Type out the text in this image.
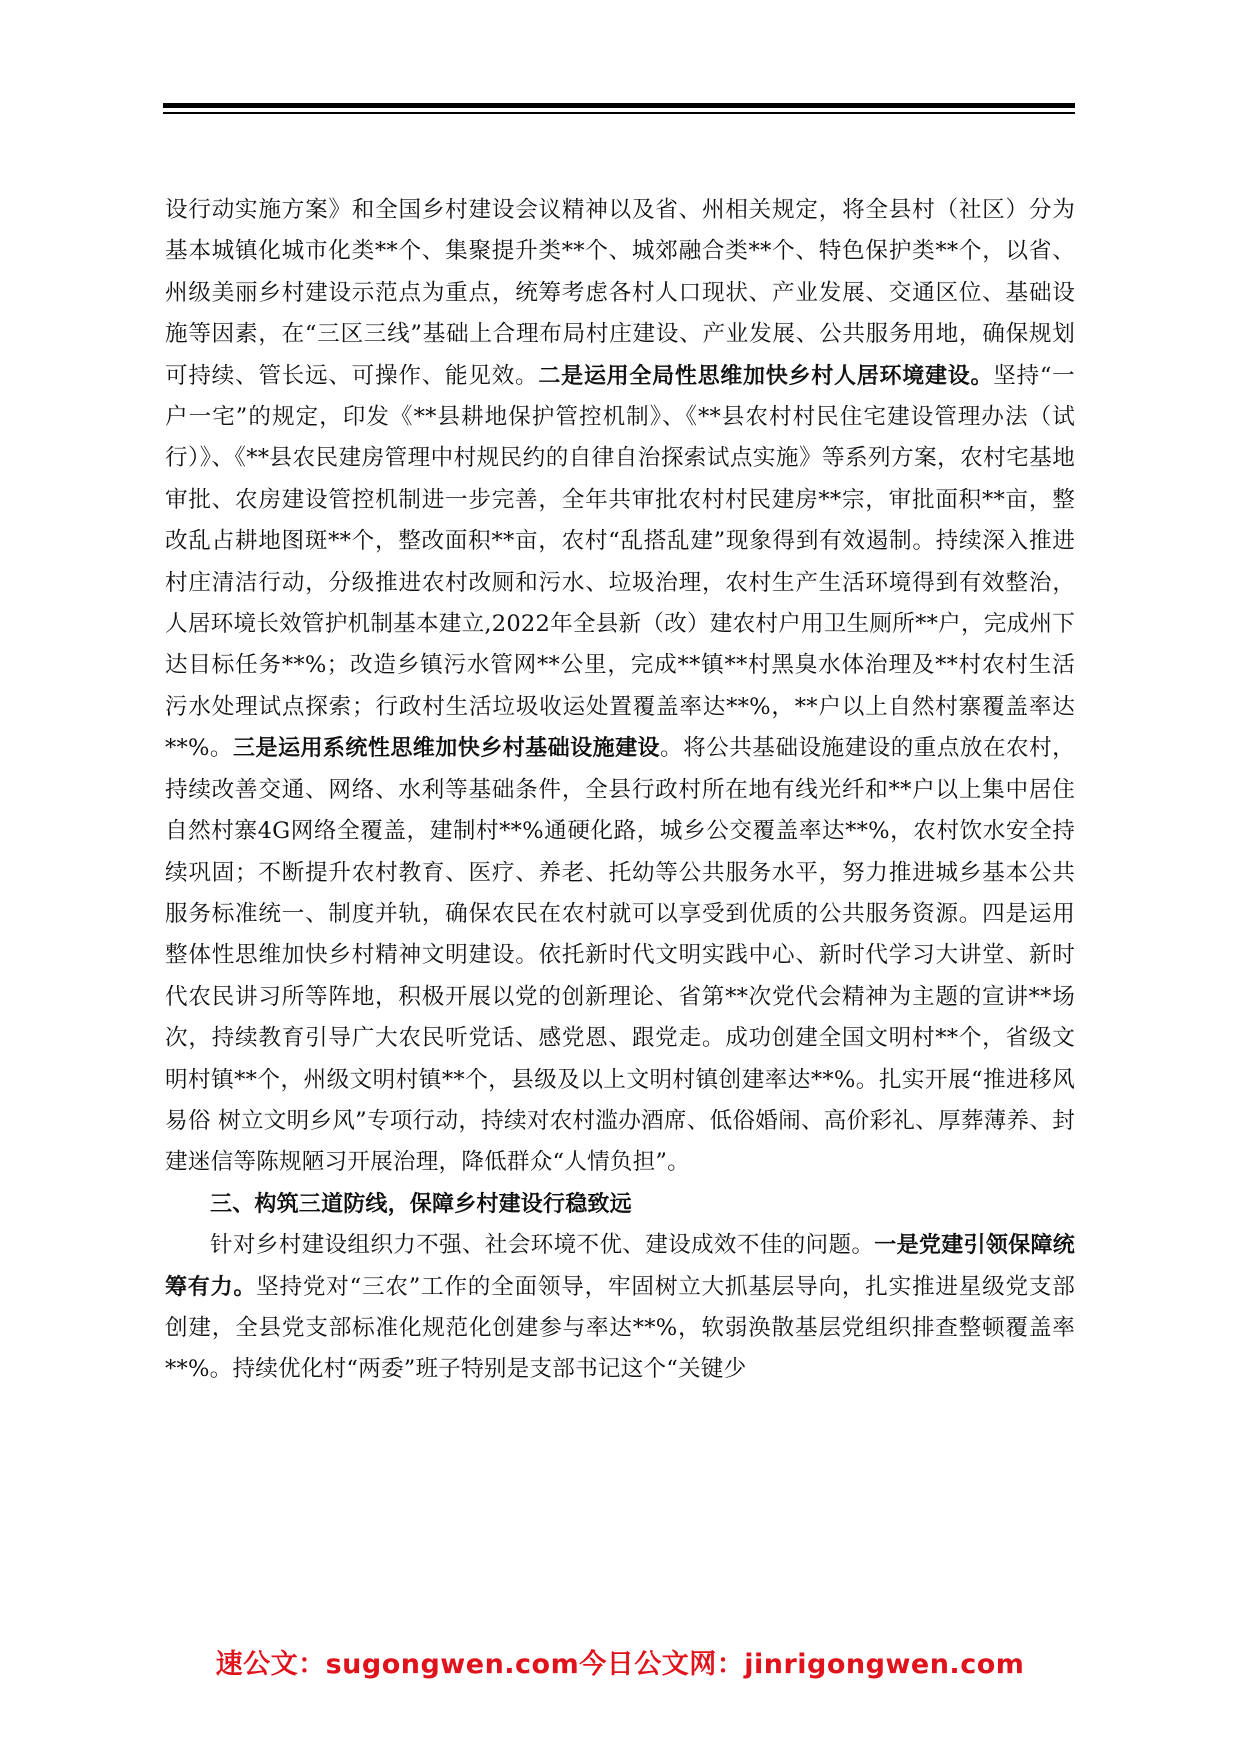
设行动实施方案》和全国乡村建设会议精神以及省、州相关规定，将全县村（社区）分为基本城镇化城市化类**个、集聚提升类**个、城郊融合类**个、特色保护类**个，以省、州级美丽乡村建设示范点为重点，统筹考虑各村人口现状、产业发展、交通区位、基础设施等因素，在“三区三线”基础上合理布局村庄建设、产业发展、公共服务用地，确保规划可持续、管长远、可操作、能见效。二是运用全局性思维加快乡村人居环境建设。坚持“一户一宅”的规定，印发《**县耕地保护管控机制》、《**县农村村民住宅建设管理办法（试行）》、《**县农民建房管理中村规民约的自律自治探索试点实施》等系列方案，农村宅基地审批、农房建设管控机制进一步完善，全年共审批农村村民建房**宗，审批面积**亩，整改乱占耕地图斑**个，整改面积**亩，农村“乱搭乱建”现象得到有效遏制。持续深入推进村庄清洁行动，分级推进农村改厕和污水、垃圾治理，农村生产生活环境得到有效整治，人居环境长效管护机制基本建立,2022年全县新（改）建农村户用卫生厕所**户，完成州下达目标任务**%；改造乡镇污水管网**公里，完成**镇**村黑臭水体治理及**村农村生活污水处理试点探索；行政村生活垃圾收运处置覆盖率达**%，**户以上自然村寨覆盖率达**%。三是运用系统性思维加快乡村基础设施建设。将公共基础设施建设的重点放在农村，持续改善交通、网络、水利等基础条件，全县行政村所在地有线光纤和**户以上集中居住自然村寨4G网络全覆盖，建制村**%通硬化路，城乡公交覆盖率达**%，农村饮水安全持续巩固；不断提升农村教育、医疗、养老、托幼等公共服务水平，努力推进城乡基本公共服务标准统一、制度并轨，确保农民在农村就可以享受到优质的公共服务资源。四是运用整体性思维加快乡村精神文明建设。依托新时代文明实践中心、新时代学习大讲堂、新时代农民讲习所等阵地，积极开展以党的创新理论、省第**次党代会精神为主题的宣讲**场次，持续教育引导广大农民听党话、感党恩、跟党走。成功创建全国文明村**个，省级文明村镇**个，州级文明村镇**个，县级及以上文明村镇创建率达**%。扎实开展“推进移风易俗 树立文明乡风”专项行动，持续对农村滥办酒席、低俗婚闹、高价彩礼、厚葬薄养、封建迷信等陈规陋习开展治理，降低群众“人情负担”。

三、构筑三道防线，保障乡村建设行稳致远

针对乡村建设组织力不强、社会环境不优、建设成效不佳的问题。一是党建引领保障统筹有力。坚持党对“三农”工作的全面领导，牢固树立大抓基层导向，扎实推进星级党支部创建，全县党支部标准化规范化创建参与率达**%，软弱涣散基层党组织排查整顿覆盖率**%。持续优化村“两委”班子特别是支部书记这个“关键少

速公文：sugongwen.com今日公文网：jinrigongwen.com
